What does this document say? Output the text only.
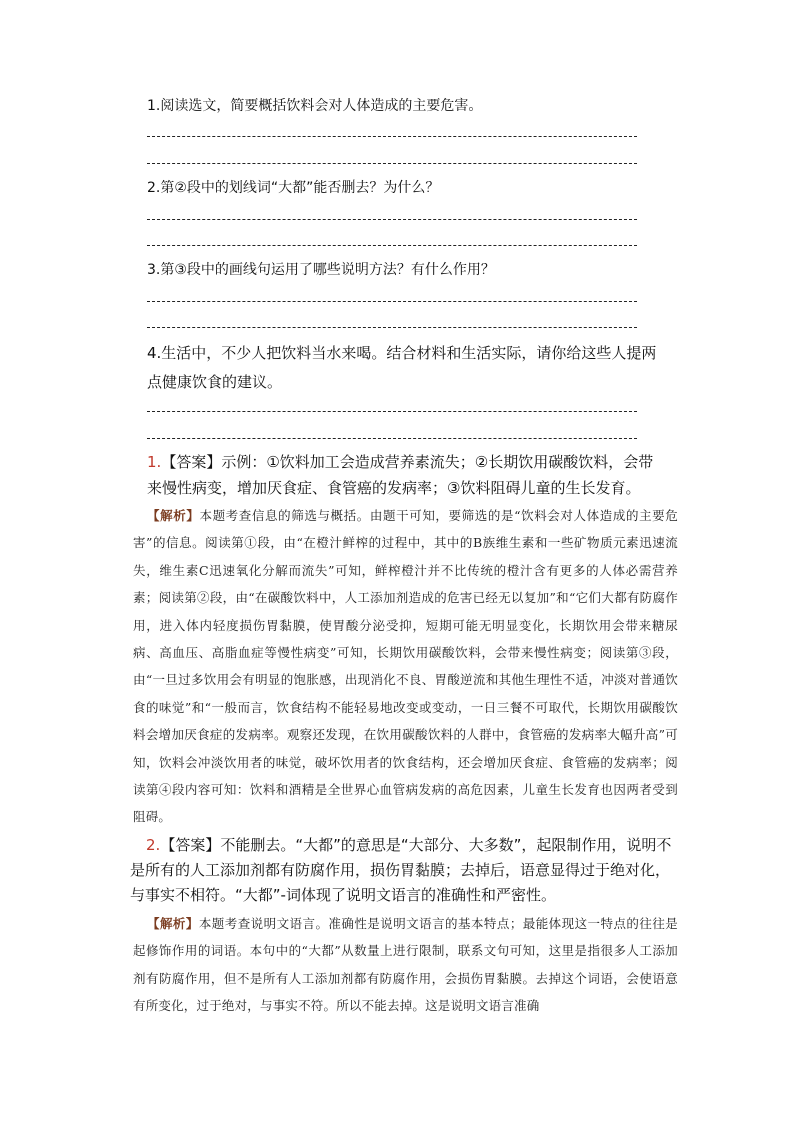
1.阅读选文，简要概括饮料会对人体造成的主要危害。
2.第②段中的划线词“大都”能否删去？为什么？
3.第③段中的画线句运用了哪些说明方法？有什么作用？
4.生活中，不少人把饮料当水来喝。结合材料和生活实际，请你给这些人提两点健康饮食的建议。
1.【答案】示例：①饮料加工会造成营养素流失；②长期饮用碳酸饮料，会带来慢性病变，增加厌食症、食管癌的发病率；③饮料阻碍儿童的生长发育。
【解析】本题考查信息的筛选与概括。由题干可知，要筛选的是“饮料会对人体造成的主要危害”的信息。阅读第①段，由“在橙汁鲜榨的过程中，其中的B族维生素和一些矿物质元素迅速流失，维生素C迅速氧化分解而流失”可知，鲜榨橙汁并不比传统的橙汁含有更多的人体必需营养素；阅读第②段，由“在碳酸饮料中，人工添加剂造成的危害已经无以复加”和“它们大都有防腐作用，进入体内轻度损伤胃黏膜，使胃酸分泌受抑，短期可能无明显变化，长期饮用会带来糖尿病、高血压、高脂血症等慢性病变”可知，长期饮用碳酸饮料，会带来慢性病变；阅读第③段，由“一旦过多饮用会有明显的饱胀感，出现消化不良、胃酸逆流和其他生理性不适，冲淡对普通饮食的味觉”和“一般而言，饮食结构不能轻易地改变或变动，一日三餐不可取代，长期饮用碳酸饮料会增加厌食症的发病率。观察还发现，在饮用碳酸饮料的人群中，食管癌的发病率大幅升高”可知，饮料会冲淡饮用者的味觉，破坏饮用者的饮食结构，还会增加厌食症、食管癌的发病率；阅读第④段内容可知：饮料和酒精是全世界心血管病发病的高危因素，儿童生长发育也因两者受到阻碍。
2.【答案】不能删去。“大都”的意思是“大部分、大多数”，起限制作用，说明不是所有的人工添加剂都有防腐作用，损伤胃黏膜；去掉后，语意显得过于绝对化，与事实不相符。“大都”-词体现了说明文语言的准确性和严密性。
【解析】本题考查说明文语言。准确性是说明文语言的基本特点；最能体现这一特点的往往是起修饰作用的词语。本句中的“大都”从数量上进行限制，联系文句可知，这里是指很多人工添加剂有防腐作用，但不是所有人工添加剂都有防腐作用，会损伤胃黏膜。去掉这个词语，会使语意有所变化，过于绝对，与事实不符。所以不能去掉。这是说明文语言准确
